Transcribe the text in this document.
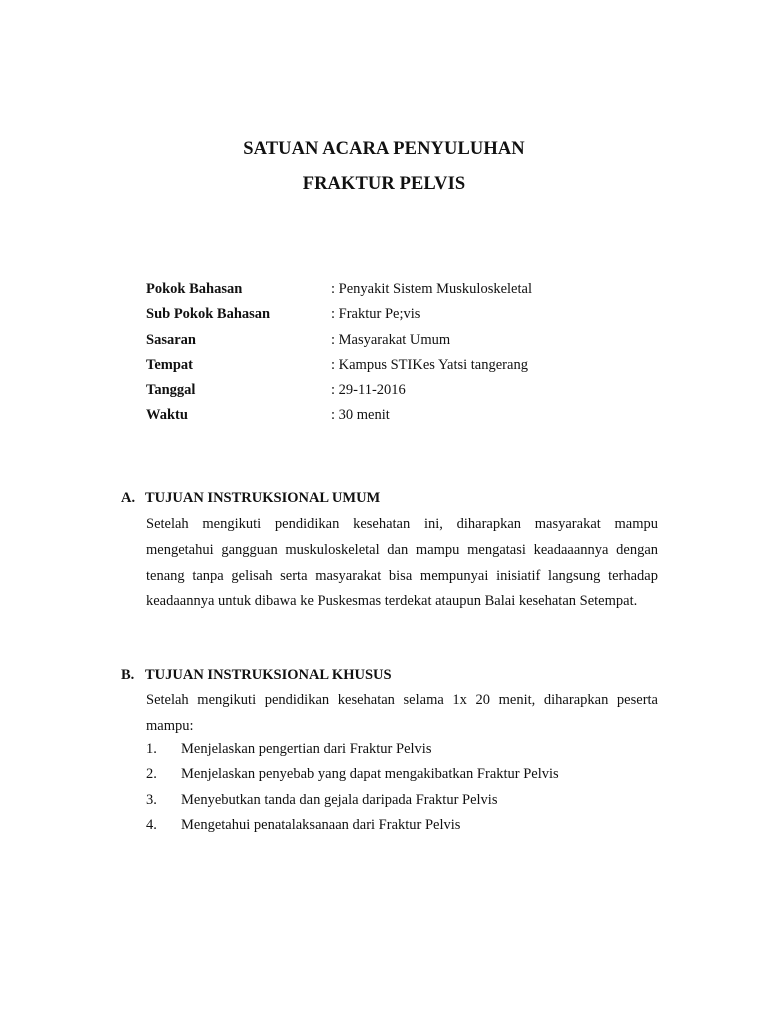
SATUAN ACARA PENYULUHAN
FRAKTUR PELVIS
Pokok Bahasan	: Penyakit Sistem Muskuloskeletal
Sub Pokok Bahasan	: Fraktur Pe;vis
Sasaran	: Masyarakat Umum
Tempat	: Kampus STIKes Yatsi tangerang
Tanggal	: 29-11-2016
Waktu	: 30 menit
A. TUJUAN INSTRUKSIONAL UMUM

Setelah mengikuti pendidikan kesehatan ini, diharapkan masyarakat mampu mengetahui gangguan muskuloskeletal dan mampu mengatasi keadaaannya dengan tenang tanpa gelisah serta masyarakat bisa mempunyai inisiatif langsung terhadap keadaannya untuk dibawa ke Puskesmas terdekat ataupun Balai kesehatan Setempat.

B. TUJUAN INSTRUKSIONAL KHUSUS

Setelah mengikuti pendidikan kesehatan selama 1x 20 menit, diharapkan peserta mampu:

1. Menjelaskan pengertian dari Fraktur Pelvis
2. Menjelaskan penyebab yang dapat mengakibatkan Fraktur Pelvis
3. Menyebutkan tanda dan gejala daripada Fraktur Pelvis
4. Mengetahui penatalaksanaan dari Fraktur Pelvis
